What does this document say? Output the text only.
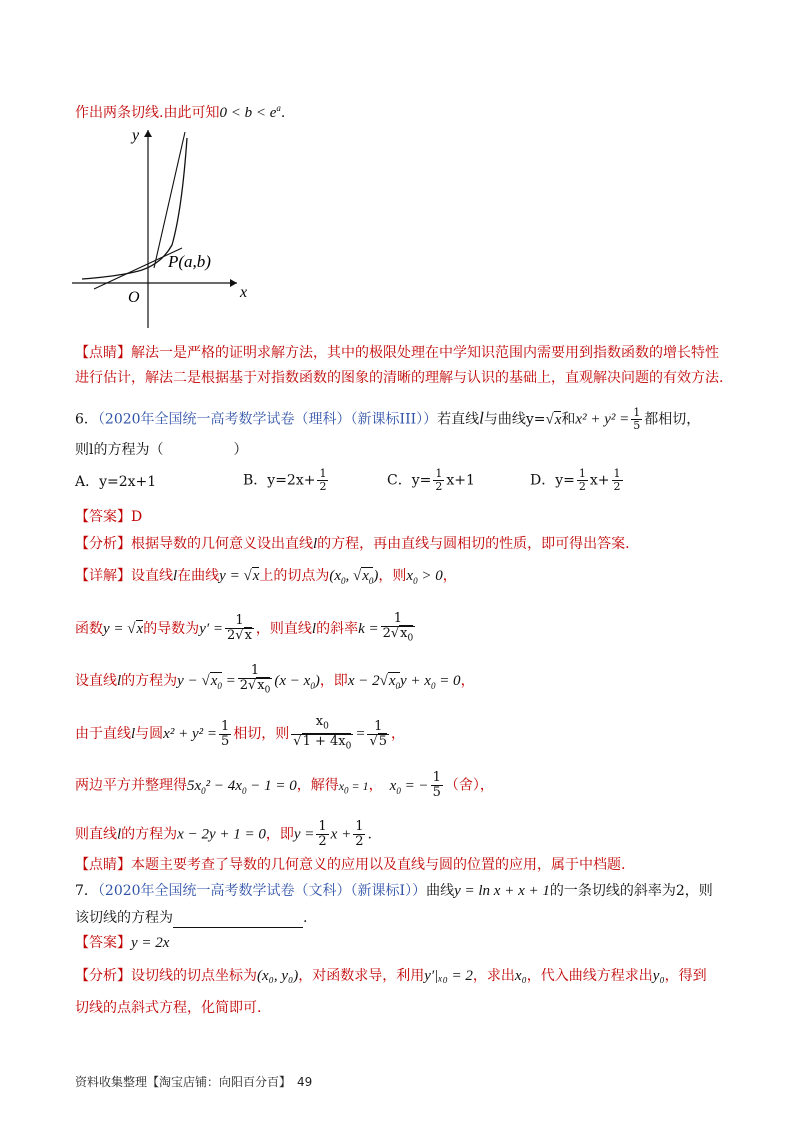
作出两条切线.由此可知$0 < b < e^a$.
y
x
O
P(a,b)
【点睛】解法一是严格的证明求解方法，其中的极限处理在中学知识范围内需要用到指数函数的增长特性
进行估计，解法二是根据基于对指数函数的图象的清晰的理解与认识的基础上，直观解决问题的有效方法.
6．（2020年全国统一高考数学试卷（理科）（新课标III））若直线l与曲线y=√x和$x^2 + y^2 = \frac{1}{5}$ 都相切，
则l的方程为（　　　　　）
A．y=2x+1	B．$y=2x+ \frac{1}{2}$	C．$y= \frac{1}{2} x+1$	D．$y= \frac{1}{2} x+ \frac{1}{2}$
【答案】D
【分析】根据导数的几何意义设出直线l的方程，再由直线与圆相切的性质，即可得出答案.
【详解】设直线l在曲线y = √x上的切点为($x_0$, $√x_0$)，则$x_0 > 0$，
函数y = √x的导数为$y' = \frac{1}{2√x}$ ，则直线l的斜率$k = \frac{1}{2√x_0}$
设直线l的方程为$y - √x_0 = \frac{1}{2√x_0} (x - x_0)$，即$x - 2√x_0y + x_0 = 0$，
由于直线l与圆$x^2 + y^2 = \frac{1}{5}$ 相切，则 $\frac{x_0}{√1 + 4x_0} = \frac{1}{√5}$ ，
两边平方并整理得$5x_0^2 - 4x_0 - 1 = 0$，解得$x_0 = 1$，　 $x_0$ = − $\frac{1}{5}$ （舍），
则直线l的方程为x − 2y + 1 = 0，即$y = \frac{1}{2}$ $x + \frac{1}{2}$ .
【点睛】本题主要考查了导数的几何意义的应用以及直线与圆的位置的应用，属于中档题.
7．（2020年全国统一高考数学试卷（文科）（新课标Ⅰ））曲线y = ln x + x + 1的一条切线的斜率为2，则
该切线的方程为	.
【答案】y = 2x
【分析】设切线的切点坐标为(x₀, y₀)，对函数求导，利用y′|ₓ₀ = 2，求出x₀，代入曲线方程求出y₀，得到
切线的点斜式方程，化简即可.
资料收集整理【淘宝店铺：向阳百分百】　 49
